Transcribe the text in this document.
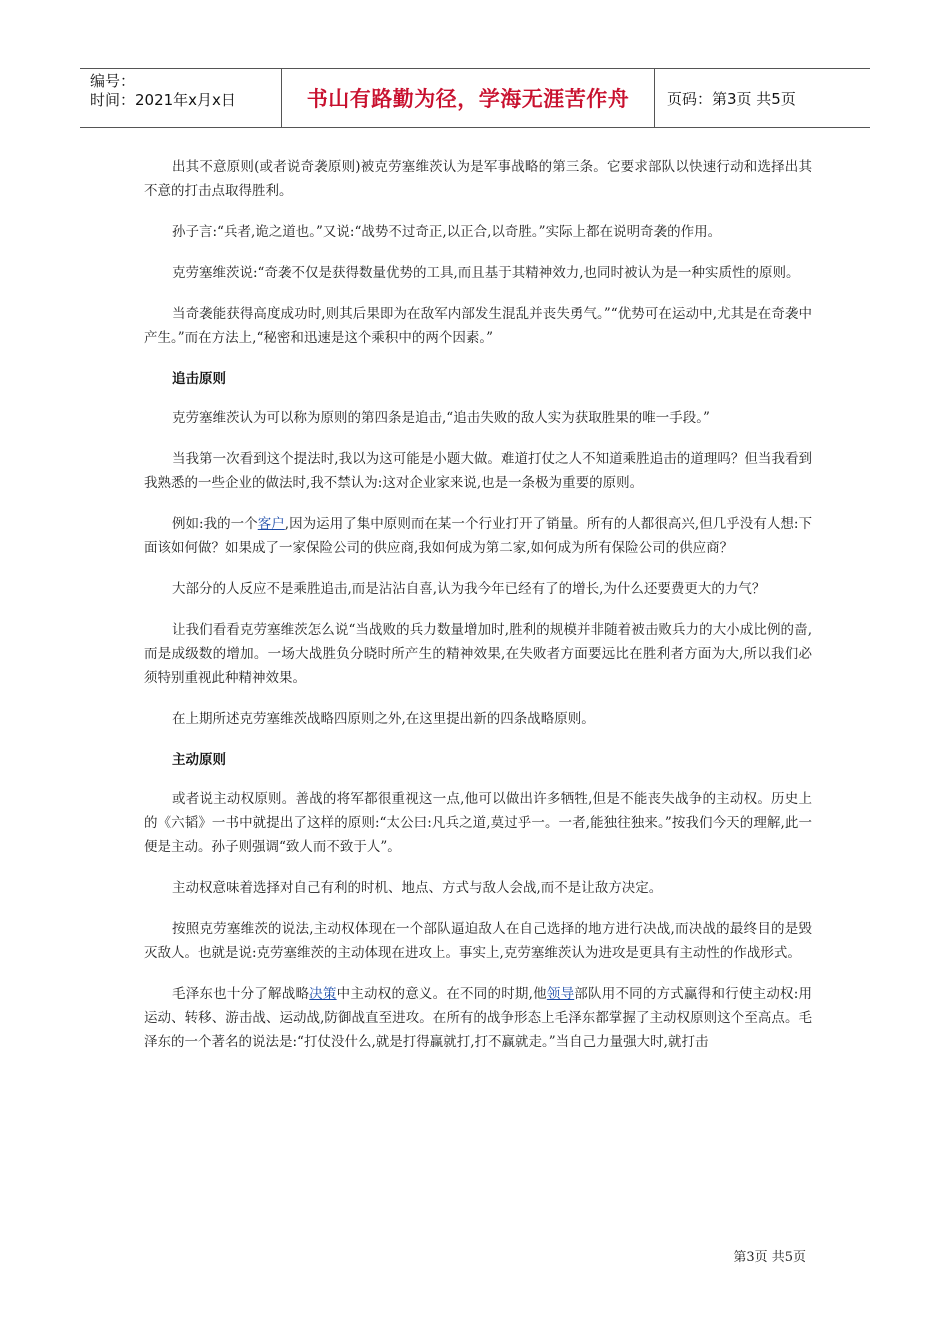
编号：
时间：2021年x月x日	书山有路勤为径，学海无涯苦作舟	页码：第3页 共5页

出其不意原则(或者说奇袭原则)被克劳塞维茨认为是军事战略的第三条。它要求部队以快速行动和选择出其不意的打击点取得胜利。

孙子言:“兵者,诡之道也。”又说:“战势不过奇正,以正合,以奇胜。”实际上都在说明奇袭的作用。

克劳塞维茨说:“奇袭不仅是获得数量优势的工具,而且基于其精神效力,也同时被认为是一种实质性的原则。

当奇袭能获得高度成功时,则其后果即为在敌军内部发生混乱并丧失勇气。”“优势可在运动中,尤其是在奇袭中产生。”而在方法上,“秘密和迅速是这个乘积中的两个因素。”

追击原则

克劳塞维茨认为可以称为原则的第四条是追击,“追击失败的敌人实为获取胜果的唯一手段。”

当我第一次看到这个提法时,我以为这可能是小题大做。难道打仗之人不知道乘胜追击的道理吗？但当我看到我熟悉的一些企业的做法时,我不禁认为:这对企业家来说,也是一条极为重要的原则。

例如:我的一个客户,因为运用了集中原则而在某一个行业打开了销量。所有的人都很高兴,但几乎没有人想:下面该如何做？如果成了一家保险公司的供应商,我如何成为第二家,如何成为所有保险公司的供应商？

大部分的人反应不是乘胜追击,而是沾沾自喜,认为我今年已经有了的增长,为什么还要费更大的力气？

让我们看看克劳塞维茨怎么说“当战败的兵力数量增加时,胜利的规模并非随着被击败兵力的大小成比例的啬,而是成级数的增加。一场大战胜负分晓时所产生的精神效果,在失败者方面要远比在胜利者方面为大,所以我们必须特别重视此种精神效果。

在上期所述克劳塞维茨战略四原则之外,在这里提出新的四条战略原则。

主动原则

或者说主动权原则。善战的将军都很重视这一点,他可以做出许多牺牲,但是不能丧失战争的主动权。历史上的《六韬》一书中就提出了这样的原则:“太公曰:凡兵之道,莫过乎一。一者,能独往独来。”按我们今天的理解,此一便是主动。孙子则强调“致人而不致于人”。

主动权意味着选择对自己有利的时机、地点、方式与敌人会战,而不是让敌方决定。

按照克劳塞维茨的说法,主动权体现在一个部队逼迫敌人在自己选择的地方进行决战,而决战的最终目的是毁灭敌人。也就是说:克劳塞维茨的主动体现在进攻上。事实上,克劳塞维茨认为进攻是更具有主动性的作战形式。

毛泽东也十分了解战略决策中主动权的意义。在不同的时期,他领导部队用不同的方式赢得和行使主动权:用运动、转移、游击战、运动战,防御战直至进攻。在所有的战争形态上毛泽东都掌握了主动权原则这个至高点。毛泽东的一个著名的说法是:“打仗没什么,就是打得赢就打,打不赢就走。”当自己力量强大时,就打击

第3页 共5页
